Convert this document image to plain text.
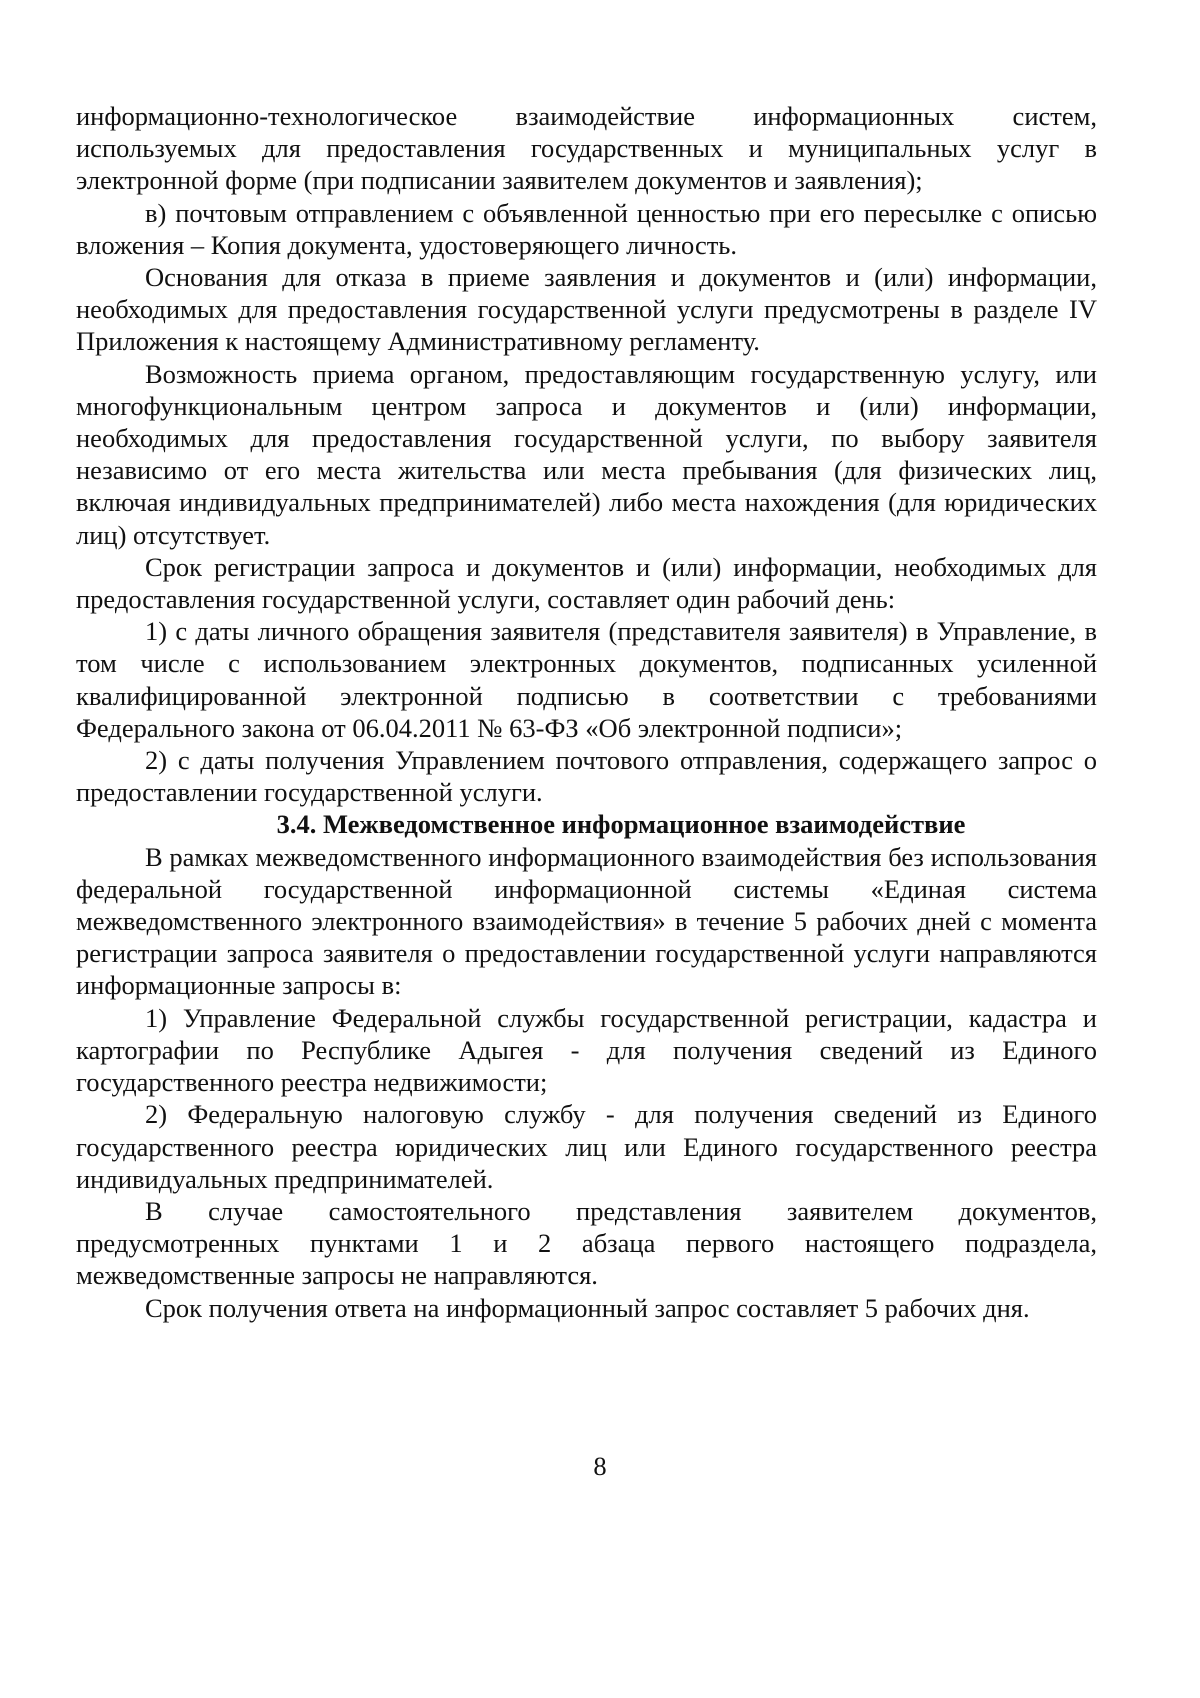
информационно-технологическое взаимодействие информационных систем, используемых для предоставления государственных и муниципальных услуг в электронной форме (при подписании заявителем документов и заявления);

в) почтовым отправлением с объявленной ценностью при его пересылке с описью вложения – Копия документа, удостоверяющего личность.

Основания для отказа в приеме заявления и документов и (или) информации, необходимых для предоставления государственной услуги предусмотрены в разделе IV Приложения к настоящему Административному регламенту.

Возможность приема органом, предоставляющим государственную услугу, или многофункциональным центром запроса и документов и (или) информации, необходимых для предоставления государственной услуги, по выбору заявителя независимо от его места жительства или места пребывания (для физических лиц, включая индивидуальных предпринимателей) либо места нахождения (для юридических лиц) отсутствует.

Срок регистрации запроса и документов и (или) информации, необходимых для предоставления государственной услуги, составляет один рабочий день:

1) с даты личного обращения заявителя (представителя заявителя) в Управление, в том числе с использованием электронных документов, подписанных усиленной квалифицированной электронной подписью в соответствии с требованиями Федерального закона от 06.04.2011 № 63-ФЗ «Об электронной подписи»;

2) с даты получения Управлением почтового отправления, содержащего запрос о предоставлении государственной услуги.

3.4. Межведомственное информационное взаимодействие

В рамках межведомственного информационного взаимодействия без использования федеральной государственной информационной системы «Единая система межведомственного электронного взаимодействия» в течение 5 рабочих дней с момента регистрации запроса заявителя о предоставлении государственной услуги направляются информационные запросы в:

1) Управление Федеральной службы государственной регистрации, кадастра и картографии по Республике Адыгея - для получения сведений из Единого государственного реестра недвижимости;

2) Федеральную налоговую службу - для получения сведений из Единого государственного реестра юридических лиц или Единого государственного реестра индивидуальных предпринимателей.

В случае самостоятельного представления заявителем документов, предусмотренных пунктами 1 и 2 абзаца первого настоящего подраздела, межведомственные запросы не направляются.

Срок получения ответа на информационный запрос составляет 5 рабочих дня.

8
